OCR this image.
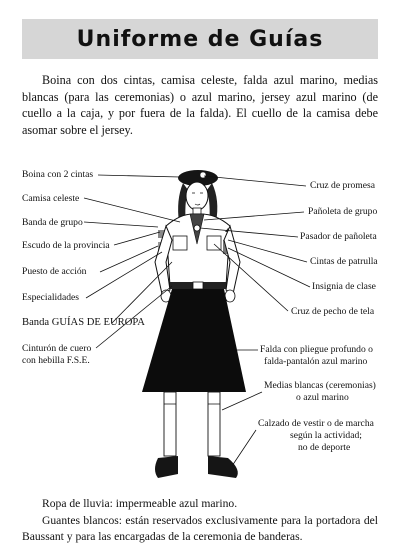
Uniforme de Guías

Boina con dos cintas, camisa celeste, falda azul marino, medias blancas (para las ceremonias) o azul marino, jersey azul marino (de cuello a la caja, y por fuera de la falda). El cuello de la camisa debe asomar sobre el jersey.

Boina con 2 cintas
Camisa celeste
Banda de grupo
Escudo de la provincia
Puesto de acción
Especialidades
Banda GUÍAS DE EUROPA
Cinturón de cuero
con hebilla F.S.E.
Cruz de promesa
Pañoleta de grupo
Pasador de pañoleta
Cintas de patrulla
Insignia de clase
Cruz de pecho de tela
Falda con pliegue profundo o
falda-pantalón azul marino
Medias blancas (ceremonias)
o azul marino
Calzado de vestir o de marcha
según la actividad;
no de deporte

Ropa de lluvia: impermeable azul marino.

Guantes blancos: están reservados exclusivamente para la portadora del Baussant y para las encargadas de la ceremonia de banderas.
